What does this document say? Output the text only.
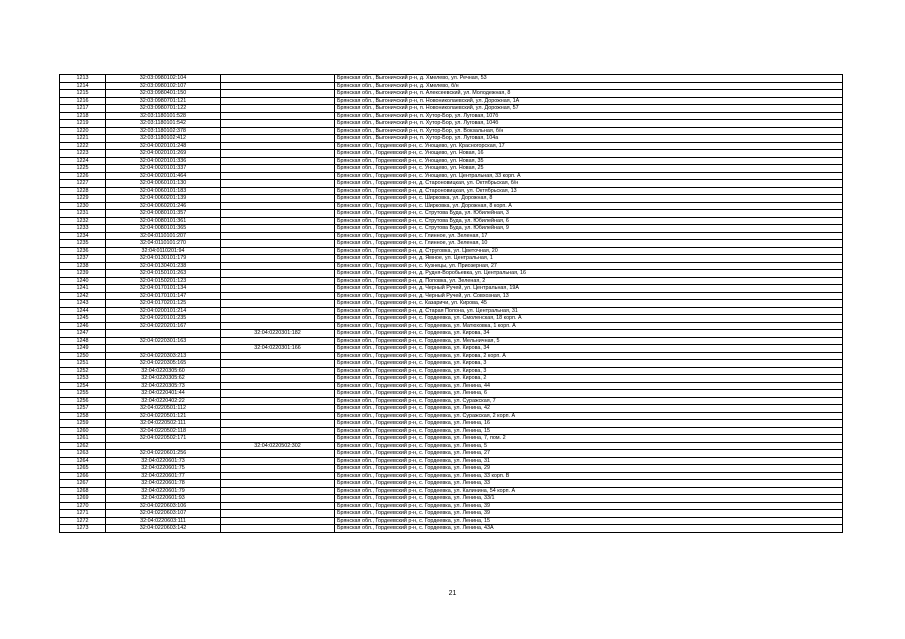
1213	32:03:0980102:104		Брянская обл., Выгоничский р-н, д. Хмелево, ул. Речная, 53
1214	32:03:0980102:107		Брянская обл., Выгоничский р-н, д. Хмелево, б/н
1215	32:03:0980401:150		Брянская обл., Выгоничский р-н, п. Алексеевский, ул. Молодежная, 8
1216	32:03:0980701:121		Брянская обл., Выгоничский р-н, п. Новониколаевский, ул. Дорожная, 1А
1217	32:03:0980701:122		Брянская обл., Выгоничский р-н, п. Новониколаевский, ул. Дорожная, 57
1218	32:03:1180101:528		Брянская обл., Выгоничский р-н, п. Хутор-Бор, ул. Луговая, 107б
1219	32:03:1180101:542		Брянская обл., Выгоничский р-н, п. Хутор-Бор, ул. Луговая, 104б
1220	32:03:1180102:378		Брянская обл., Выгоничский р-н, п. Хутор-Бор, ул. Вокзальная, б/н
1221	32:03:1180102:412		Брянская обл., Выгоничский р-н, п. Хутор-Бор, ул. Луговая, 104а
1222	32:04:0020101:248		Брянская обл., Гордеевский р-н, с. Унощево, ул. Красногорская, 17
1223	32:04:0020101:269		Брянская обл., Гордеевский р-н, с. Унощево, ул. Новая, 16
1224	32:04:0020101:336		Брянская обл., Гордеевский р-н, с. Унощево, ул. Новая, 35
1225	32:04:0020101:337		Брянская обл., Гордеевский р-н, с. Унощево, ул. Новая, 25
1226	32:04:0020101:464		Брянская обл., Гордеевский р-н, с. Унощево, ул. Центральная, 33 корп. А
1227	32:04:0060101:130		Брянская обл., Гордеевский р-н, д. Староновицкая, ул. Октябрьская, б/н
1228	32:04:0060101:183		Брянская обл., Гордеевский р-н, д. Староновицкая, ул. Октябрьская, 13
1229	32:04:0060201:139		Брянская обл., Гордеевский р-н, с. Ширковка, ул. Дорожная, 8
1230	32:04:0060201:246		Брянская обл., Гордеевский р-н, с. Ширковка, ул. Дорожная, 8 корп. А
1231	32:04:0080101:357		Брянская обл., Гордеевский р-н, с. Струтова Буда, ул. Юбилейная, 3
1232	32:04:0080101:361		Брянская обл., Гордеевский р-н, с. Струтова Буда, ул. Юбилейная, 6
1233	32:04:0080101:365		Брянская обл., Гордеевский р-н, с. Струтова Буда, ул. Юбилейная, 9
1234	32:04:0110101:207		Брянская обл., Гордеевский р-н, с. Глинное, ул. Зеленая, 17
1235	32:04:0110101:270		Брянская обл., Гордеевский р-н, с. Глинное, ул. Зеленая, 10
1236	32:04:0110201:94		Брянская обл., Гордеевский р-н, д. Струговка, ул. Цветочная, 20
1237	32:04:0130101:179		Брянская обл., Гордеевский р-н, д. Ямное, ул. Центральная, 1
1238	32:04:0130401:238		Брянская обл., Гордеевский р-н, с. Кузнецы, ул. Приозерная, 27
1239	32:04:0150101:263		Брянская обл., Гордеевский р-н, д. Рудня-Воробьевка, ул. Центральная, 16
1240	32:04:0150201:123		Брянская обл., Гордеевский р-н, д. Поповка, ул. Зеленая, 2
1241	32:04:0170101:134		Брянская обл., Гордеевский р-н, д. Черный Ручей, ул. Центральная, 19А
1242	32:04:0170101:147		Брянская обл., Гордеевский р-н, д. Черный Ручей, ул. Совхозная, 13
1243	32:04:0170201:125		Брянская обл., Гордеевский р-н, с. Казаричи, ул. Кирова, 45
1244	32:04:0200101:214		Брянская обл., Гордеевский р-н, д. Старая Полона, ул. Центральная, 31
1245	32:04:0220101:235		Брянская обл., Гордеевский р-н, с. Гордеевка, ул. Смоленская, 18 корп. А
1246	32:04:0220201:167		Брянская обл., Гордеевский р-н, с. Гордеевка, ул. Матюховка, 1 корп. А
1247		32:04:0220301:182	Брянская обл., Гордеевский р-н, с. Гордеевка, ул. Кирова, 34
1248	32:04:0220301:163		Брянская обл., Гордеевский р-н, с. Гордеевка, ул. Мельничная, 5
1249		32:04:0220301:166	Брянская обл., Гордеевский р-н, с. Гордеевка, ул. Кирова, 34
1250	32:04:0220303:213		Брянская обл., Гордеевский р-н, с. Гордеевка, ул. Кирова, 2 корп. А
1251	32:04:0220305:165		Брянская обл., Гордеевский р-н, с. Гордеевка, ул. Кирова, 3
1252	32:04:0220305:60		Брянская обл., Гордеевский р-н, с. Гордеевка, ул. Кирова, 3
1253	32:04:0220305:62		Брянская обл., Гордеевский р-н, с. Гордеевка, ул. Кирова, 2
1254	32:04:0220305:73		Брянская обл., Гордеевский р-н, с. Гордеевка, ул. Ленина, 44
1255	32:04:0220401:44		Брянская обл., Гордеевский р-н, с. Гордеевка, ул. Ленина, 6
1256	32:04:0220402:22		Брянская обл., Гордеевский р-н, с. Гордеевка, ул. Суражская, 7
1257	32:04:0220501:112		Брянская обл., Гордеевский р-н, с. Гордеевка, ул. Ленина, 42
1258	32:04:0220501:121		Брянская обл., Гордеевский р-н, с. Гордеевка, ул. Суражская, 2 корп. А
1259	32:04:0220502:111		Брянская обл., Гордеевский р-н, с. Гордеевка, ул. Ленина, 16
1260	32:04:0220502:118		Брянская обл., Гордеевский р-н, с. Гордеевка, ул. Ленина, 15
1261	32:04:0220502:171		Брянская обл., Гордеевский р-н, с. Гордеевка, ул. Ленина, 7, пом. 2
1262		32:04:0220502:302	Брянская обл., Гордеевский р-н, с. Гордеевка, ул. Ленина, 5
1263	32:04:0220601:256		Брянская обл., Гордеевский р-н, с. Гордеевка, ул. Ленина, 27
1264	32:04:0220601:73		Брянская обл., Гордеевский р-н, с. Гордеевка, ул. Ленина, 31
1265	32:04:0220601:75		Брянская обл., Гордеевский р-н, с. Гордеевка, ул. Ленина, 29
1266	32:04:0220601:77		Брянская обл., Гордеевский р-н, с. Гордеевка, ул. Ленина, 33 корп. В
1267	32:04:0220601:78		Брянская обл., Гордеевский р-н, с. Гордеевка, ул. Ленина, 33
1268	32:04:0220601:79		Брянская обл., Гордеевский р-н, с. Гордеевка, ул. Калинина, 54 корп. А
1269	32:04:0220601:93		Брянская обл., Гордеевский р-н, с. Гордеевка, ул. Ленина, 33/1
1270	32:04:0220603:106		Брянская обл., Гордеевский р-н, с. Гордеевка, ул. Ленина, 39
1271	32:04:0220603:107		Брянская обл., Гордеевский р-н, с. Гордеевка, ул. Ленина, 39
1272	32:04:0220603:111		Брянская обл., Гордеевский р-н, с. Гордеевка, ул. Ленина, 15
1273	32:04:0220603:142		Брянская обл., Гордеевский р-н, с. Гордеевка, ул. Ленина, 43А
21
